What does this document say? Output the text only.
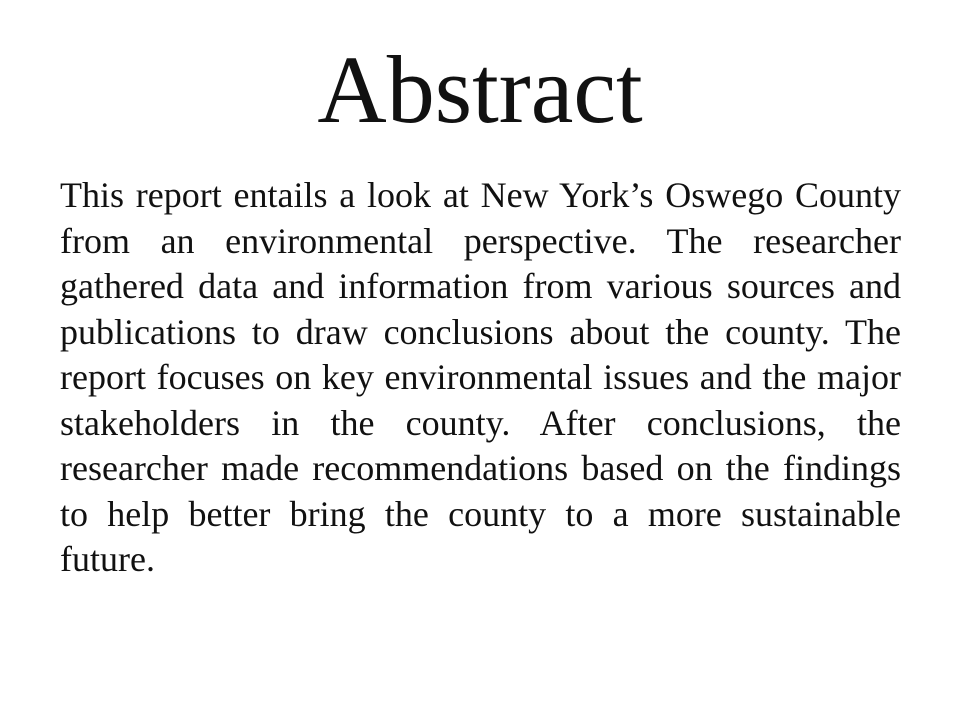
Abstract

This report entails a look at New York’s Oswego County from an environmental perspective. The researcher gathered data and information from various sources and publications to draw conclusions about the county. The report focuses on key environmental issues and the major stakeholders in the county. After conclusions, the researcher made recommendations based on the findings to help better bring the county to a more sustainable future.
